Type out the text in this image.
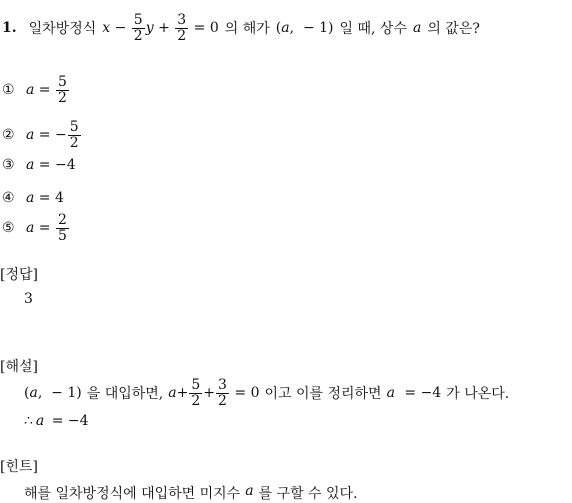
1. 일차방정식 $x - \frac{5}{2}$ $y + \frac{3}{2} = 0$ 의 해가 (a,  − 1) 일 때, 상수 a 의 값은?
① $a = \frac{5}{2}$
② a = − $\frac{5}{2}$
③ a = −4
④ a = 4
⑤ $a = \frac{2}{5}$
[정답]
3
[해설]
(a,  − 1) 을 대입하면, $a + \frac{5}{2} + \frac{3}{2} = 0$ 이고 이를 정리하면 a = −4 가 나온다.
∴ a = −4
[힌트]
해를 일차방정식에 대입하면 미지수 a 를 구할 수 있다.
